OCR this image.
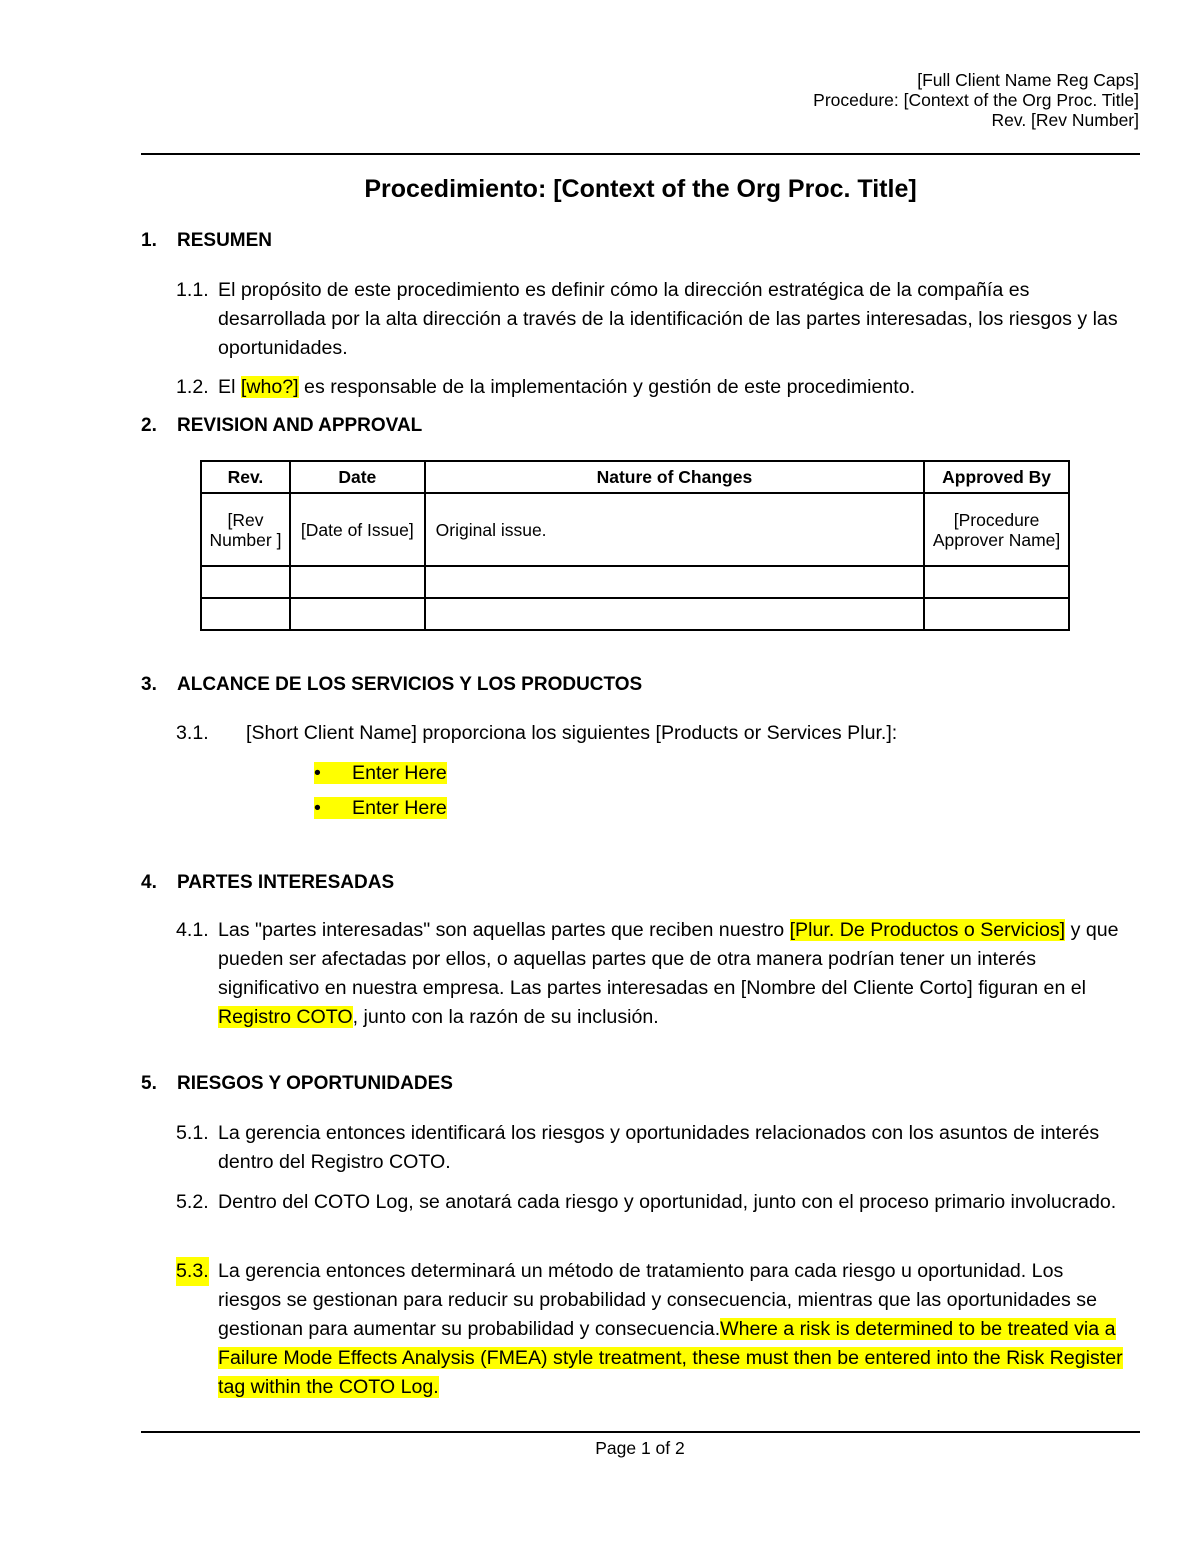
[Full Client Name Reg Caps]
Procedure: [Context of the Org Proc. Title]
Rev. [Rev Number]
Procedimiento: [Context of the Org Proc. Title]
1. RESUMEN
1.1. El propósito de este procedimiento es definir cómo la dirección estratégica de la compañía es desarrollada por la alta dirección a través de la identificación de las partes interesadas, los riesgos y las oportunidades.
1.2. El [who?] es responsable de la implementación y gestión de este procedimiento.
2. REVISION AND APPROVAL
Rev.	Date	Nature of Changes	Approved By
[Rev Number ]	[Date of Issue]	Original issue.	[Procedure Approver Name]

3. ALCANCE DE LOS SERVICIOS Y LOS PRODUCTOS
3.1.	[Short Client Name] proporciona los siguientes [Products or Services Plur.]:
• Enter Here
• Enter Here
4. PARTES INTERESADAS
4.1. Las "partes interesadas" son aquellas partes que reciben nuestro [Plur. De Productos o Servicios] y que pueden ser afectadas por ellos, o aquellas partes que de otra manera podrían tener un interés significativo en nuestra empresa. Las partes interesadas en [Nombre del Cliente Corto] figuran en el Registro COTO, junto con la razón de su inclusión.
5. RIESGOS Y OPORTUNIDADES
5.1. La gerencia entonces identificará los riesgos y oportunidades relacionados con los asuntos de interés dentro del Registro COTO.
5.2. Dentro del COTO Log, se anotará cada riesgo y oportunidad, junto con el proceso primario involucrado.
5.3. La gerencia entonces determinará un método de tratamiento para cada riesgo u oportunidad. Los riesgos se gestionan para reducir su probabilidad y consecuencia, mientras que las oportunidades se gestionan para aumentar su probabilidad y consecuencia.Where a risk is determined to be treated via a Failure Mode Effects Analysis (FMEA) style treatment, these must then be entered into the Risk Register tag within the COTO Log.
Page 1 of 2
